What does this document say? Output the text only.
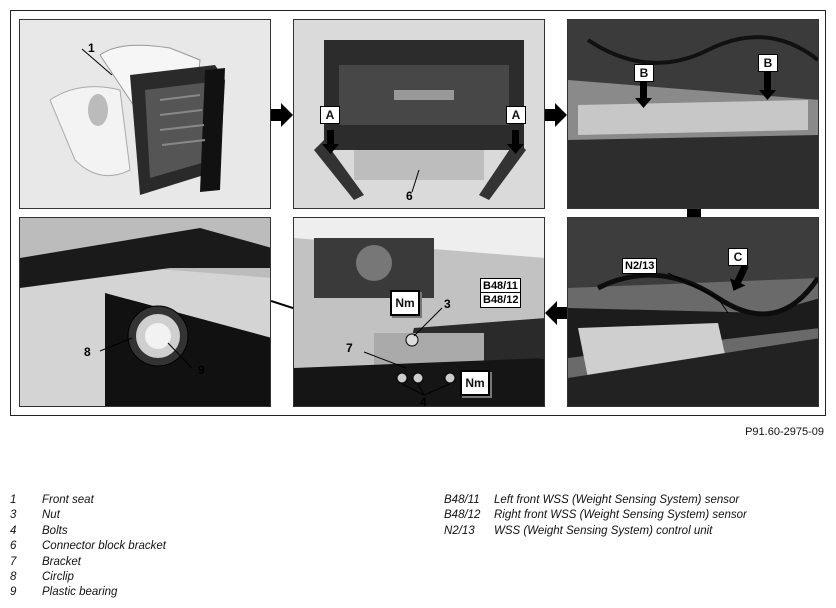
1
A	A
6
B
B
8
9
Nm
Nm
3
B48/11
B48/12
7
4
C
N2/13
P91.60-2975-09
1	Front seat
3	Nut
4	Bolts
6	Connector block bracket
7	Bracket
8	Circlip
9	Plastic bearing
B48/11	Left front WSS (Weight Sensing System) sensor
B48/12	Right front WSS (Weight Sensing System) sensor
N2/13	WSS (Weight Sensing System) control unit
